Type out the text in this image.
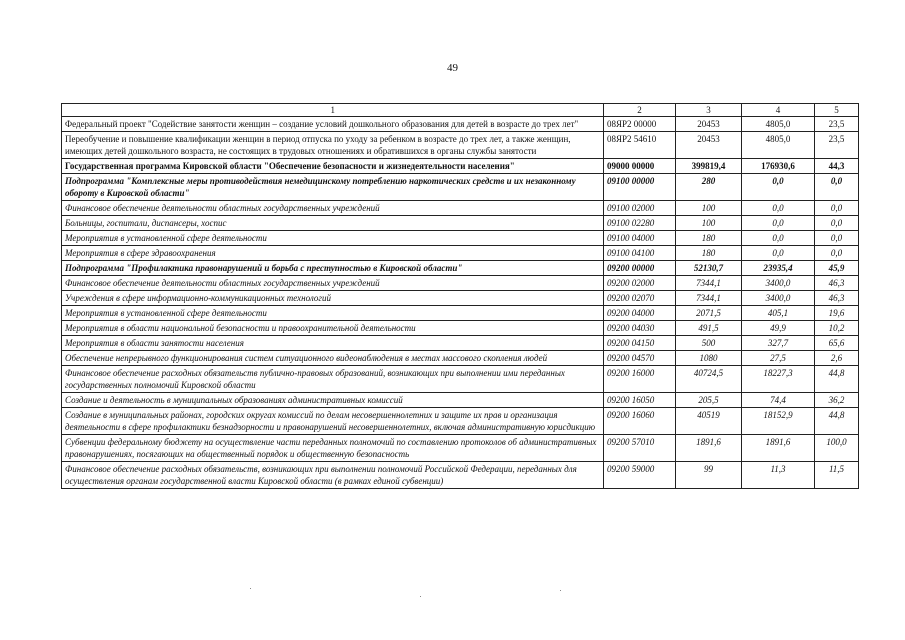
49
1	2	3	4	5
Федеральный проект "Содействие занятости женщин – создание условий дошкольного образования для детей в возрасте до трех лет"	08ЯР2 00000	20453	4805,0	23,5
Переобучение и повышение квалификации женщин в период отпуска по уходу за ребенком в возрасте до трех лет, а также женщин, имеющих детей дошкольного возраста, не состоящих в трудовых отношениях и обратившихся в органы службы занятости	08ЯР2 54610	20453	4805,0	23,5
Государственная программа Кировской области "Обеспечение безопасности и жизнедеятельности населения"	09000 00000	399819,4	176930,6	44,3
Подпрограмма "Комплексные меры противодействия немедицинскому потреблению наркотических средств и их незаконному обороту в Кировской области"	09100 00000	280	0,0	0,0
Финансовое обеспечение деятельности областных государственных учреждений	09100 02000	100	0,0	0,0
Больницы, госпитали, диспансеры, хоспис	09100 02280	100	0,0	0,0
Мероприятия в установленной сфере деятельности	09100 04000	180	0,0	0,0
Мероприятия в сфере здравоохранения	09100 04100	180	0,0	0,0
Подпрограмма "Профилактика правонарушений и борьба с преступностью в Кировской области"	09200 00000	52130,7	23935,4	45,9
Финансовое обеспечение деятельности областных государственных учреждений	09200 02000	7344,1	3400,0	46,3
Учреждения в сфере информационно-коммуникационных технологий	09200 02070	7344,1	3400,0	46,3
Мероприятия в установленной сфере деятельности	09200 04000	2071,5	405,1	19,6
Мероприятия в области национальной безопасности и правоохранительной деятельности	09200 04030	491,5	49,9	10,2
Мероприятия в области занятости населения	09200 04150	500	327,7	65,6
Обеспечение непрерывного функционирования систем ситуационного видеонаблюдения в местах массового скопления людей	09200 04570	1080	27,5	2,6
Финансовое обеспечение расходных обязательств публично-правовых образований, возникающих при выполнении ими переданных государственных полномочий Кировской области	09200 16000	40724,5	18227,3	44,8
Создание и деятельность в муниципальных образованиях административных комиссий	09200 16050	205,5	74,4	36,2
Создание в муниципальных районах, городских округах комиссий по делам несовершеннолетних и защите их прав и организация деятельности в сфере профилактики безнадзорности и правонарушений несовершеннолетних, включая административную юрисдикцию	09200 16060	40519	18152,9	44,8
Субвенции федеральному бюджету на осуществление части переданных полномочий по составлению протоколов об административных правонарушениях, посягающих на общественный порядок и общественную безопасность	09200 57010	1891,6	1891,6	100,0
Финансовое обеспечение расходных обязательств, возникающих при выполнении полномочий Российской Федерации, переданных для осуществления органам государственной власти Кировской области (в рамках единой субвенции)	09200 59000	99	11,3	11,5
